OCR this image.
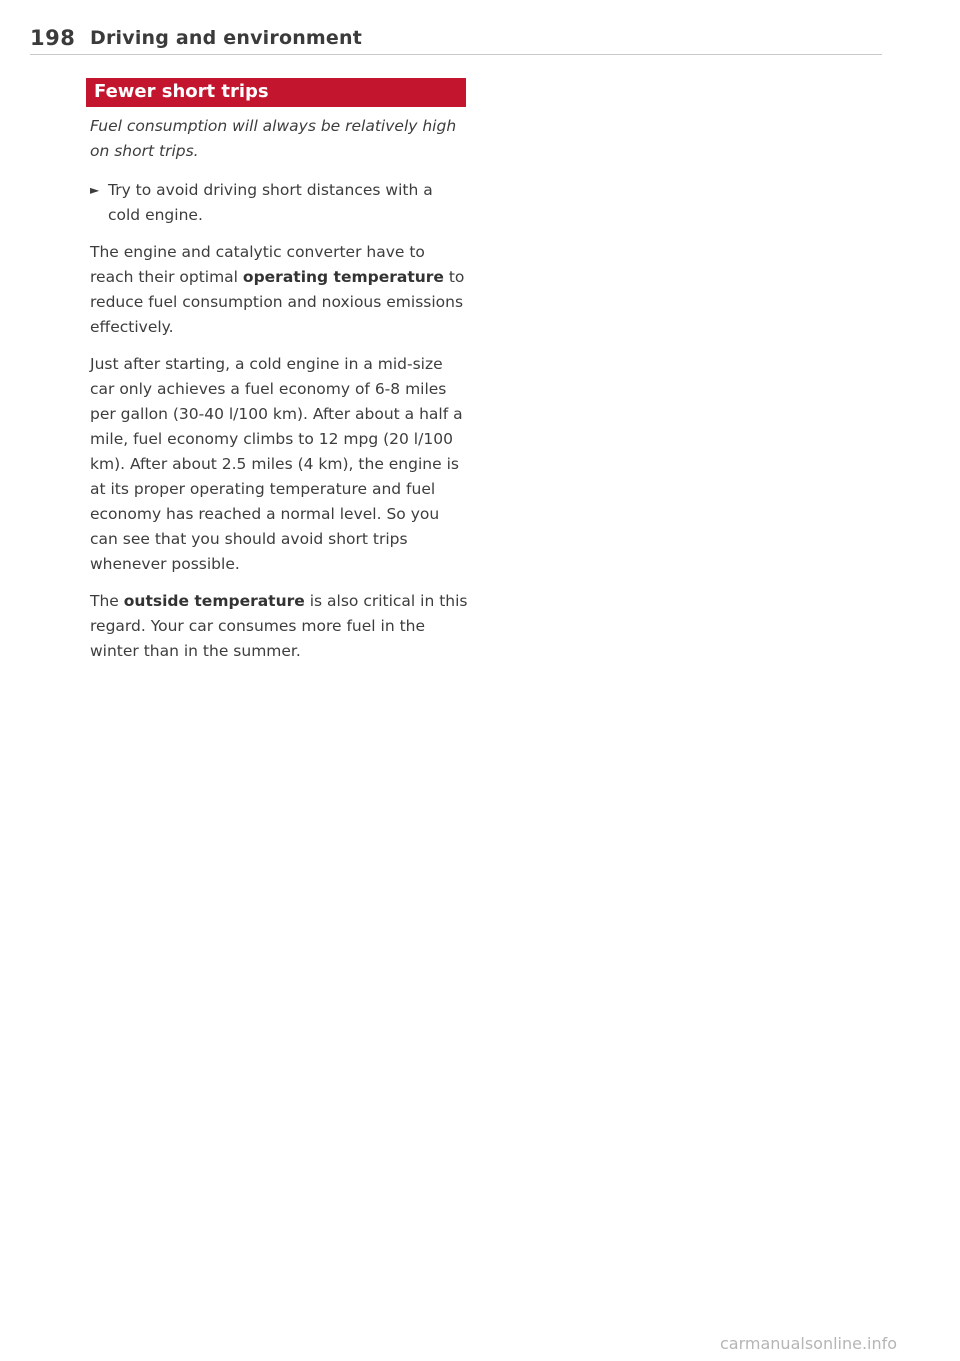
198 Driving and environment
Fewer short trips

Fuel consumption will always be relatively high on short trips.

► Try to avoid driving short distances with a cold engine.

The engine and catalytic converter have to reach their optimal operating temperature to reduce fuel consumption and noxious emissions effectively.

Just after starting, a cold engine in a mid-size car only achieves a fuel economy of 6-8 miles per gallon (30-40 l/100 km). After about a half a mile, fuel economy climbs to 12 mpg (20 l/100 km). After about 2.5 miles (4 km), the engine is at its proper operating temperature and fuel economy has reached a normal level. So you can see that you should avoid short trips whenever possible.

The outside temperature is also critical in this regard. Your car consumes more fuel in the winter than in the summer.

carmanualsonline.info
